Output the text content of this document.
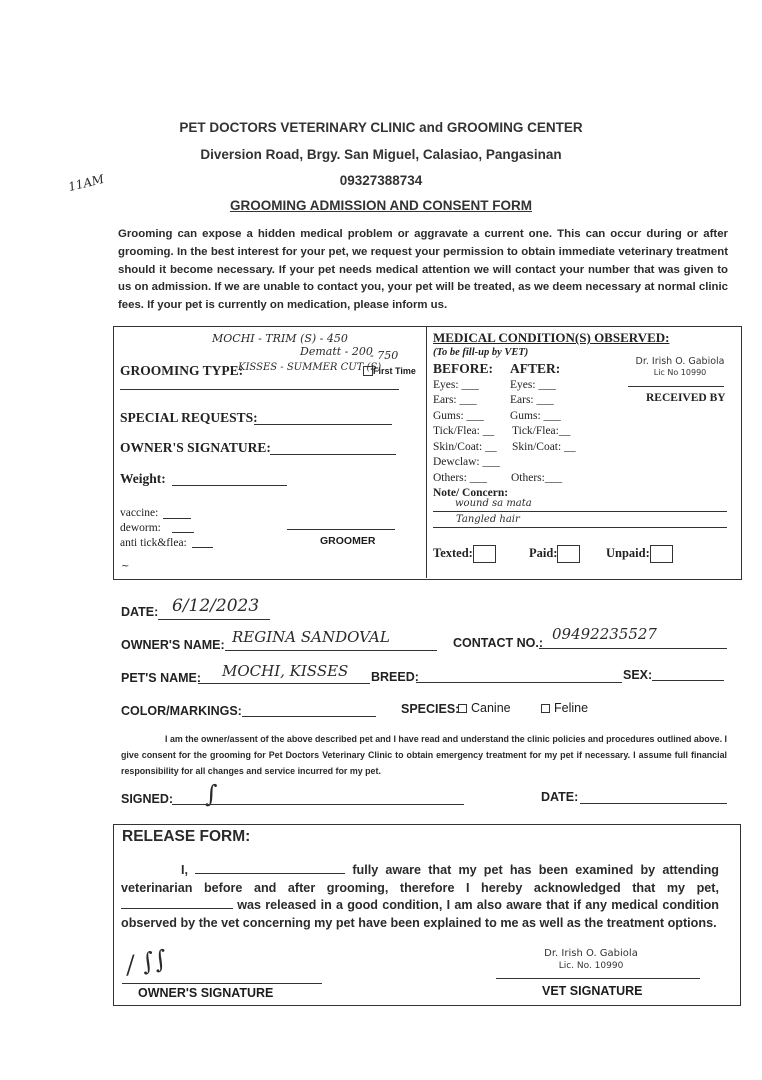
11AM
PET DOCTORS VETERINARY CLINIC and GROOMING CENTER
Diversion Road, Brgy. San Miguel, Calasiao, Pangasinan
09327388734
GROOMING ADMISSION AND CONSENT FORM
Grooming can expose a hidden medical problem or aggravate a current one. This can occur during or after grooming. In the best interest for your pet, we request your permission to obtain immediate veterinary treatment should it become necessary. If your pet needs medical attention we will contact your number that was given to us on admission. If we are unable to contact you, your pet will be treated, as we deem necessary at normal clinic fees. If your pet is currently on medication, please inform us.
MOCHI - TRIM (S) - 450
Dematt - 200
- 750
GROOMING TYPE:
KISSES - SUMMER CUT (S)
First Time
SPECIAL REQUESTS:
OWNER'S SIGNATURE:
Weight:
vaccine:
deworm:
anti tick&flea:	GROOMER
~
MEDICAL CONDITION(S) OBSERVED:
(To be fill-up by VET)
BEFORE: AFTER:	Dr. Irish O. Gabiola
Lic No 10990
RECEIVED BY
Eyes: ___	Eyes: ___
Ears: ___	Ears: ___
Gums: ___ Gums: ___
Tick/Flea: __ Tick/Flea:__
Skin/Coat: __ Skin/Coat: __
Dewclaw: ___
Others: ___ Others:___
Note/ Concern:
wound sa mata
Tangled hair
Texted:	Paid:	Unpaid:
DATE: 6/12/2023
OWNER'S NAME: REGINA SANDOVAL	CONTACT NO.: 09492235527
PET'S NAME: MOCHI, KISSES BREED:	SEX:
COLOR/MARKINGS:	SPECIES: Canine	Feline
I am the owner/assent of the above described pet and I have read and understand the clinic policies and procedures outlined above. I give consent for the grooming for Pet Doctors Veterinary Clinic to obtain emergency treatment for my pet if necessary. I assume full financial responsibility for all changes and service incurred for my pet.
SIGNED: ∫	DATE:
RELEASE FORM:
I,	fully aware that my pet has been examined by attending veterinarian before and after grooming, therefore I hereby acknowledged that my pet,  was released in a good condition, I am also aware that if any medical condition observed by the vet concerning my pet have been explained to me as well as the treatment options.
/ ∫∫
OWNER'S SIGNATURE
Dr. Irish O. Gabiola
Lic. No. 10990
VET SIGNATURE
